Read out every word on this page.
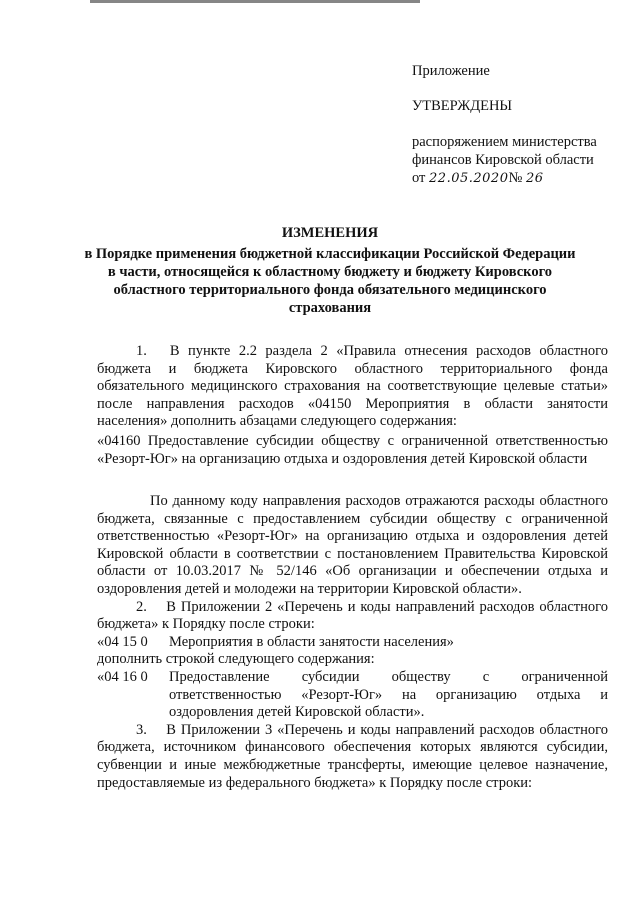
Приложение
УТВЕРЖДЕНЫ
распоряжением министерства
финансов Кировской области
от 22.05.2020№ 26
ИЗМЕНЕНИЯ
в Порядке применения бюджетной классификации Российской Федерации
в части, относящейся к областному бюджету и бюджету Кировского
областного территориального фонда обязательного медицинского
страхования

1.  В пункте 2.2 раздела 2 «Правила отнесения расходов областного бюджета и бюджета Кировского областного территориального фонда обязательного медицинского страхования на соответствующие целевые статьи» после направления расходов «04150 Мероприятия в области занятости населения» дополнить абзацами следующего содержания:

«04160 Предоставление субсидии обществу с ограниченной ответственностью «Резорт-Юг» на организацию отдыха и оздоровления детей Кировской области

По данному коду направления расходов отражаются расходы областного бюджета, связанные с предоставлением субсидии обществу с ограниченной ответственностью «Резорт-Юг» на организацию отдыха и оздоровления детей Кировской области в соответствии с постановлением Правительства Кировской области от 10.03.2017 № 52/146 «Об организации и обеспечении отдыха и оздоровления детей и молодежи на территории Кировской области».

2.  В Приложении 2 «Перечень и коды направлений расходов областного бюджета» к Порядку после строки:

«04 15 0	Мероприятия в области занятости населения»

дополнить строкой следующего содержания:

«04 16 0	Предоставление субсидии обществу с ограниченной ответственностью «Резорт-Юг» на организацию отдыха и оздоровления детей Кировской области».

3.  В Приложении 3 «Перечень и коды направлений расходов областного бюджета, источником финансового обеспечения которых являются субсидии, субвенции и иные межбюджетные трансферты, имеющие целевое назначение, предоставляемые из федерального бюджета» к Порядку после строки:
